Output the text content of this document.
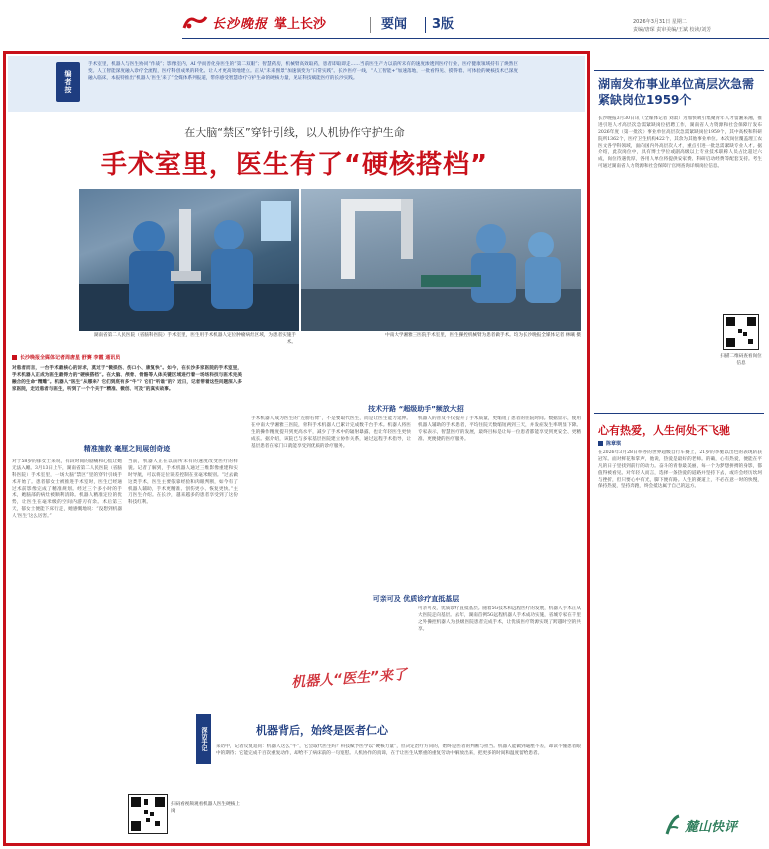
长沙晚报 掌上长沙	要闻 3版	2026年3月31日 星期二
责编/唐琛 责审美编/王斌 校读/刘芳
编者按

手术室里，机器人与医生协同“作战”；影像室内，AI 学而善化身医生的“第二双眼”；智慧药房，机械臂高效取药，患者即取即走……当前医生产力以前所未有的速度渗透到医疗行业，医疗健康领域持有了焕然巨变。人工智能深度融入诊疗全流程，医疗科创成果的转化、让人才更高效地建立。正从“未来图景”加速演变为“日常实践”。长沙医疗一线，“人工智能+”加速落地，一批看得见、摸得着、可体验的硬核技术已深度融入临床，本报特推出“机器人‘医生’来了”全媒体系列报道，带你感受智慧诊疗守护生命的硬核力量，见证科技赋能医疗的长沙实践。

在大脑“禁区”穿针引线，以人机协作守护生命
手术室里，医生有了“硬核搭档”

湖南省第二人民医院（省脑科医院）手术室里，医生用手术机器人定位肿瘤病灶区域，为患者实施手术。

中南大学湘雅三医院手术室里，医生操控机械臂为患者做手术。均为长沙晚报全媒体记者 林曦 摄

长沙晚报全媒体记者周唐星 舒赛 李霞 通讯员

对患者而言，一台手术最核心的诉求，莫过于“微损伤、伤口小、康复快”。如今，在长沙多家医院的手术室里，手术机器人正成为医生最得力的“硬核搭档”。在大脑、颅骨、骨骼等人体关键区域进行着一场场科技与医术完美融合的生命“精雕”。机器人“医生”从哪来？它们到底有多“牛”？它们“听谁”的？近日，记者带着这些问题深入多家医院，走近患者与医生，听到了一个个关于“精准、微创、可及”的真实故事。

精准施救 毫厘之间展创奇迹

对于58岁的郁女士来说，有段时间的剧痛和心慌让她无法入睡。3月13日上午，湖南省第二人民医院（省脑科医院）手术室里，一场大脑“禁区”里的穿针引线手术开始了。患者郁女士被推进手术室时，医生已经通过术前影像完成了精准规划。经过三个多小时的手术，她脑部的病灶被顺利清除。机器人精准定位的优势，让医生在毫米级的空间内游刃有余。术后第三天，郁女士便能下床行走，她感慨地说：“没想到机器人‘医生’这么厉害。”

当前，机器人正在以前所未有的速度改变医疗的样貌。记者了解到，手术机器人通过三维影像重建和实时导航，可以将定位误差控制在亚毫米级别。“过去做这类手术，医生主要依靠经验和肉眼判断，如今有了机器人辅助，手术更精准、创伤更小、恢复更快。”主刀医生介绍。在长沙，越来越多的患者享受到了这份科技红利。

扫码看视频观看机器人医生硬核上岗

技术开路 “超级助手”频放大招

手术机器人成为医生的“左膀右臂”，不是要取代医生，而是让医生能力延伸。在中南大学湘雅三医院，骨科手术机器人已累计完成数千台手术。机器人将医生的操作精度提升到更高水平，减少了手术中的辐射暴露，也让年轻医生更快成长。据介绍，该院已与多家基层医院建立协作关系，通过远程手术指导，让基层患者在家门口就能享受到优质的诊疗服务。

机器人的普及不仅提升了手术质量，更缩短了患者的住院时间。数据显示，使用机器人辅助的手术患者，平均住院天数缩短两到三天，并发症发生率明显下降。专家表示，智慧医疗的发展，最终目标是让每一位患者都能享受到更安全、更精准、更便捷的医疗服务。

可亲可及 优质诊疗直抵基层

可亲可及，优质诊疗直抵基层。随着5G技术和远程医疗的发展，机器人手术正从大医院走向基层。去年，湖南首例5G远程机器人手术成功实施，省城专家在千里之外操控机器人为县级医院患者完成手术，让优质医疗资源实现了跨越时空的共享。

机器人“医生”来了
深访手记	机器背后，始终是医者仁心

采访中，记者反复追问：机器人这么“牛”，它会取代医生吗？科技赋予医学以“硬核力量”，但决定治疗方向的，始终是医者的判断与担当。机器人能做到毫厘不差，却读不懂患者眼中的期待；它能完成千百次重复动作，却给不了病床前的一句宽慰。人机协作的真谛，在于让医生从繁重的重复劳动中解放出来，把更多的时间和温度留给患者。

湖南发布事业单位高层次急需紧缺岗位1959个

长沙晚报3月30日讯（全媒体记者 刘肃）为加快吸引集聚青年人才留湘来湘，推进引进人才高层次急需紧缺岗位招聘工作，湖南省人力资源和社会保障厅发布2026年度（第一批次）事业单位高层次急需紧缺岗位1959个，其中高校和科研院所1362个，医疗卫生机构422个，其余为其他事业单位。本次岗位覆盖理工农医文各学科领域，面向国内外高层次人才，重点引进一批急需紧缺专业人才。据介绍，此次岗位中，具有博士学位或副高级以上专业技术职称人员占比超过六成，岗位待遇优厚，各用人单位将提供安家费、科研启动经费等配套支持。考生可通过湖南省人力资源和社会保障厅官网查询详细岗位信息。

扫描二维码查看岗位信息

心有热爱，人生何处不飞驰
陈章琪

在2026年3月28日举办的世界超级自行车赛上，21岁的李驰以出色的表现斩获冠军。面对鲜花和掌声，他说，热爱是最好的老师。的确，心有热爱，便能在平凡的日子里找到前行的动力。奋斗的青春最美丽，每一个为梦想拼搏的身影，都值得被看见。对年轻人而言，选择一条热爱的道路并坚持下去，或许会经历坎坷与挫折，但只要心中有光，脚下便有路。人生的赛道上，不必在意一时的快慢，保持热爱，坚持奔跑，终会抵达属于自己的远方。

麓山快评
